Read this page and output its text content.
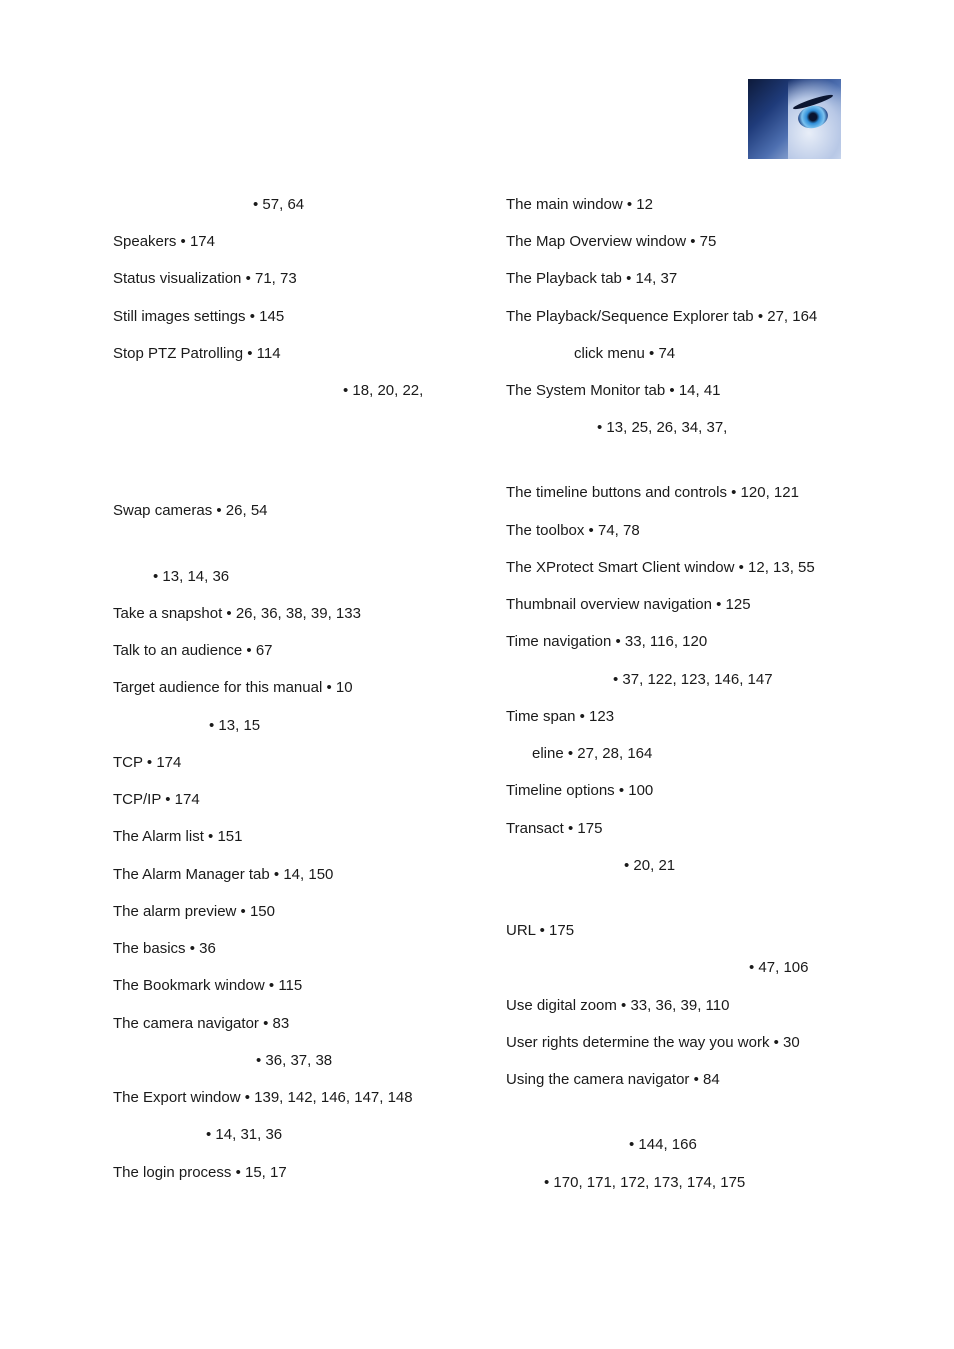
• 57, 64
Speakers • 174
Status visualization • 71, 73
Still images settings • 145
Stop PTZ Patrolling • 114
• 18, 20, 22,
Swap cameras • 26, 54
• 13, 14, 36
Take a snapshot • 26, 36, 38, 39, 133
Talk to an audience • 67
Target audience for this manual • 10
• 13, 15
TCP • 174
TCP/IP • 174
The Alarm list • 151
The Alarm Manager tab • 14, 150
The alarm preview • 150
The basics • 36
The Bookmark window • 115
The camera navigator • 83
• 36, 37, 38
The Export window • 139, 142, 146, 147, 148
• 14, 31, 36
The login process • 15, 17
The main window • 12
The Map Overview window • 75
The Playback tab • 14, 37
The Playback/Sequence Explorer tab • 27, 164
click menu • 74
The System Monitor tab • 14, 41
• 13, 25, 26, 34, 37,
The timeline buttons and controls • 120, 121
The toolbox • 74, 78
The XProtect Smart Client window • 12, 13, 55
Thumbnail overview navigation • 125
Time navigation • 33, 116, 120
• 37, 122, 123, 146, 147
Time span • 123
eline • 27, 28, 164
Timeline options • 100
Transact • 175
• 20, 21
URL • 175
• 47, 106
Use digital zoom • 33, 36, 39, 110
User rights determine the way you work • 30
Using the camera navigator • 84
• 144, 166
• 170, 171, 172, 173, 174, 175
